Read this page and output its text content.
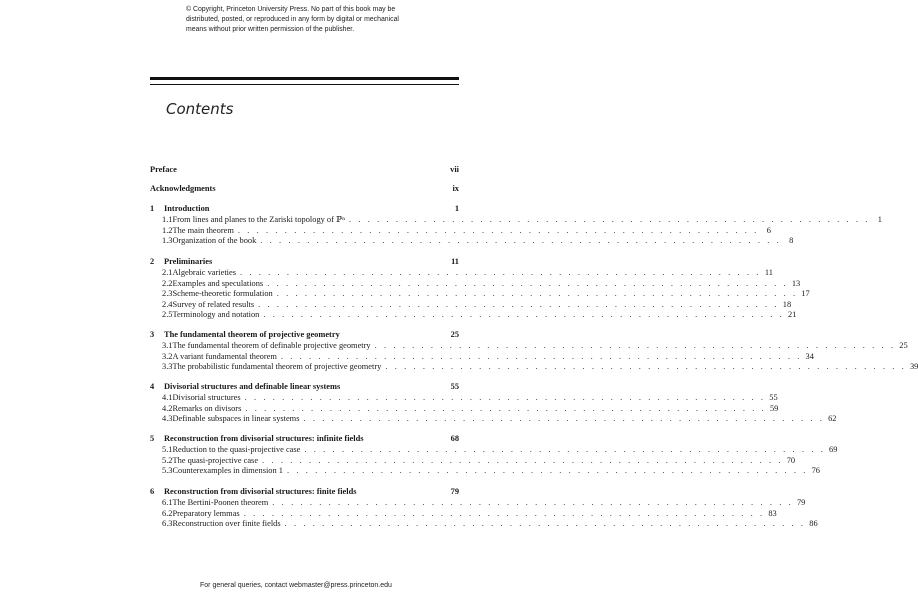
© Copyright, Princeton University Press. No part of this book may be
distributed, posted, or reproduced in any form by digital or mechanical
means without prior written permission of the publisher.
Contents
Preface	vii
Acknowledgments	ix
1	Introduction	1
1.1 From lines and planes to the Zariski topology of ℙⁿ . . . . . . . . . . . . . . . . . . . . . . . . . . . . . . . . . . . . . . . . . . . . . . . . . . . . . . . . 1
1.2 The main theorem . . . . . . . . . . . . . . . . . . . . . . . . . . . . . . . . . . . . . . . . . . . . . . . . . . . . . . . . 6
1.3 Organization of the book . . . . . . . . . . . . . . . . . . . . . . . . . . . . . . . . . . . . . . . . . . . . . . . . . . . . . . . . 8
2	Preliminaries	11
2.1 Algebraic varieties . . . . . . . . . . . . . . . . . . . . . . . . . . . . . . . . . . . . . . . . . . . . . . . . . . . . . . . . 11
2.2 Examples and speculations . . . . . . . . . . . . . . . . . . . . . . . . . . . . . . . . . . . . . . . . . . . . . . . . . . . . . . . . 13
2.3 Scheme-theoretic formulation . . . . . . . . . . . . . . . . . . . . . . . . . . . . . . . . . . . . . . . . . . . . . . . . . . . . . . . . 17
2.4 Survey of related results . . . . . . . . . . . . . . . . . . . . . . . . . . . . . . . . . . . . . . . . . . . . . . . . . . . . . . . . 18
2.5 Terminology and notation . . . . . . . . . . . . . . . . . . . . . . . . . . . . . . . . . . . . . . . . . . . . . . . . . . . . . . . . 21
3	The fundamental theorem of projective geometry	25
3.1 The fundamental theorem of definable projective geometry . . . . . . . . . . . . . . . . . . . . . . . . . . . . . . . . . . . . . . . . . . . . . . . . . . . . . . . . 25
3.2 A variant fundamental theorem . . . . . . . . . . . . . . . . . . . . . . . . . . . . . . . . . . . . . . . . . . . . . . . . . . . . . . . . 34
3.3 The probabilistic fundamental theorem of projective geometry . . . . . . . . . . . . . . . . . . . . . . . . . . . . . . . . . . . . . . . . . . . . . . . . . . . . . . . . 39
4	Divisorial structures and definable linear systems	55
4.1 Divisorial structures . . . . . . . . . . . . . . . . . . . . . . . . . . . . . . . . . . . . . . . . . . . . . . . . . . . . . . . . 55
4.2 Remarks on divisors . . . . . . . . . . . . . . . . . . . . . . . . . . . . . . . . . . . . . . . . . . . . . . . . . . . . . . . . 59
4.3 Definable subspaces in linear systems . . . . . . . . . . . . . . . . . . . . . . . . . . . . . . . . . . . . . . . . . . . . . . . . . . . . . . . . 62
5	Reconstruction from divisorial structures: infinite fields	68
5.1 Reduction to the quasi-projective case . . . . . . . . . . . . . . . . . . . . . . . . . . . . . . . . . . . . . . . . . . . . . . . . . . . . . . . . 69
5.2 The quasi-projective case . . . . . . . . . . . . . . . . . . . . . . . . . . . . . . . . . . . . . . . . . . . . . . . . . . . . . . . . 70
5.3 Counterexamples in dimension 1 . . . . . . . . . . . . . . . . . . . . . . . . . . . . . . . . . . . . . . . . . . . . . . . . . . . . . . . . 76
6	Reconstruction from divisorial structures: finite fields	79
6.1 The Bertini-Poonen theorem . . . . . . . . . . . . . . . . . . . . . . . . . . . . . . . . . . . . . . . . . . . . . . . . . . . . . . . . 79
6.2 Preparatory lemmas . . . . . . . . . . . . . . . . . . . . . . . . . . . . . . . . . . . . . . . . . . . . . . . . . . . . . . . . 83
6.3 Reconstruction over finite fields . . . . . . . . . . . . . . . . . . . . . . . . . . . . . . . . . . . . . . . . . . . . . . . . . . . . . . . . 86
For general queries, contact webmaster@press.princeton.edu
